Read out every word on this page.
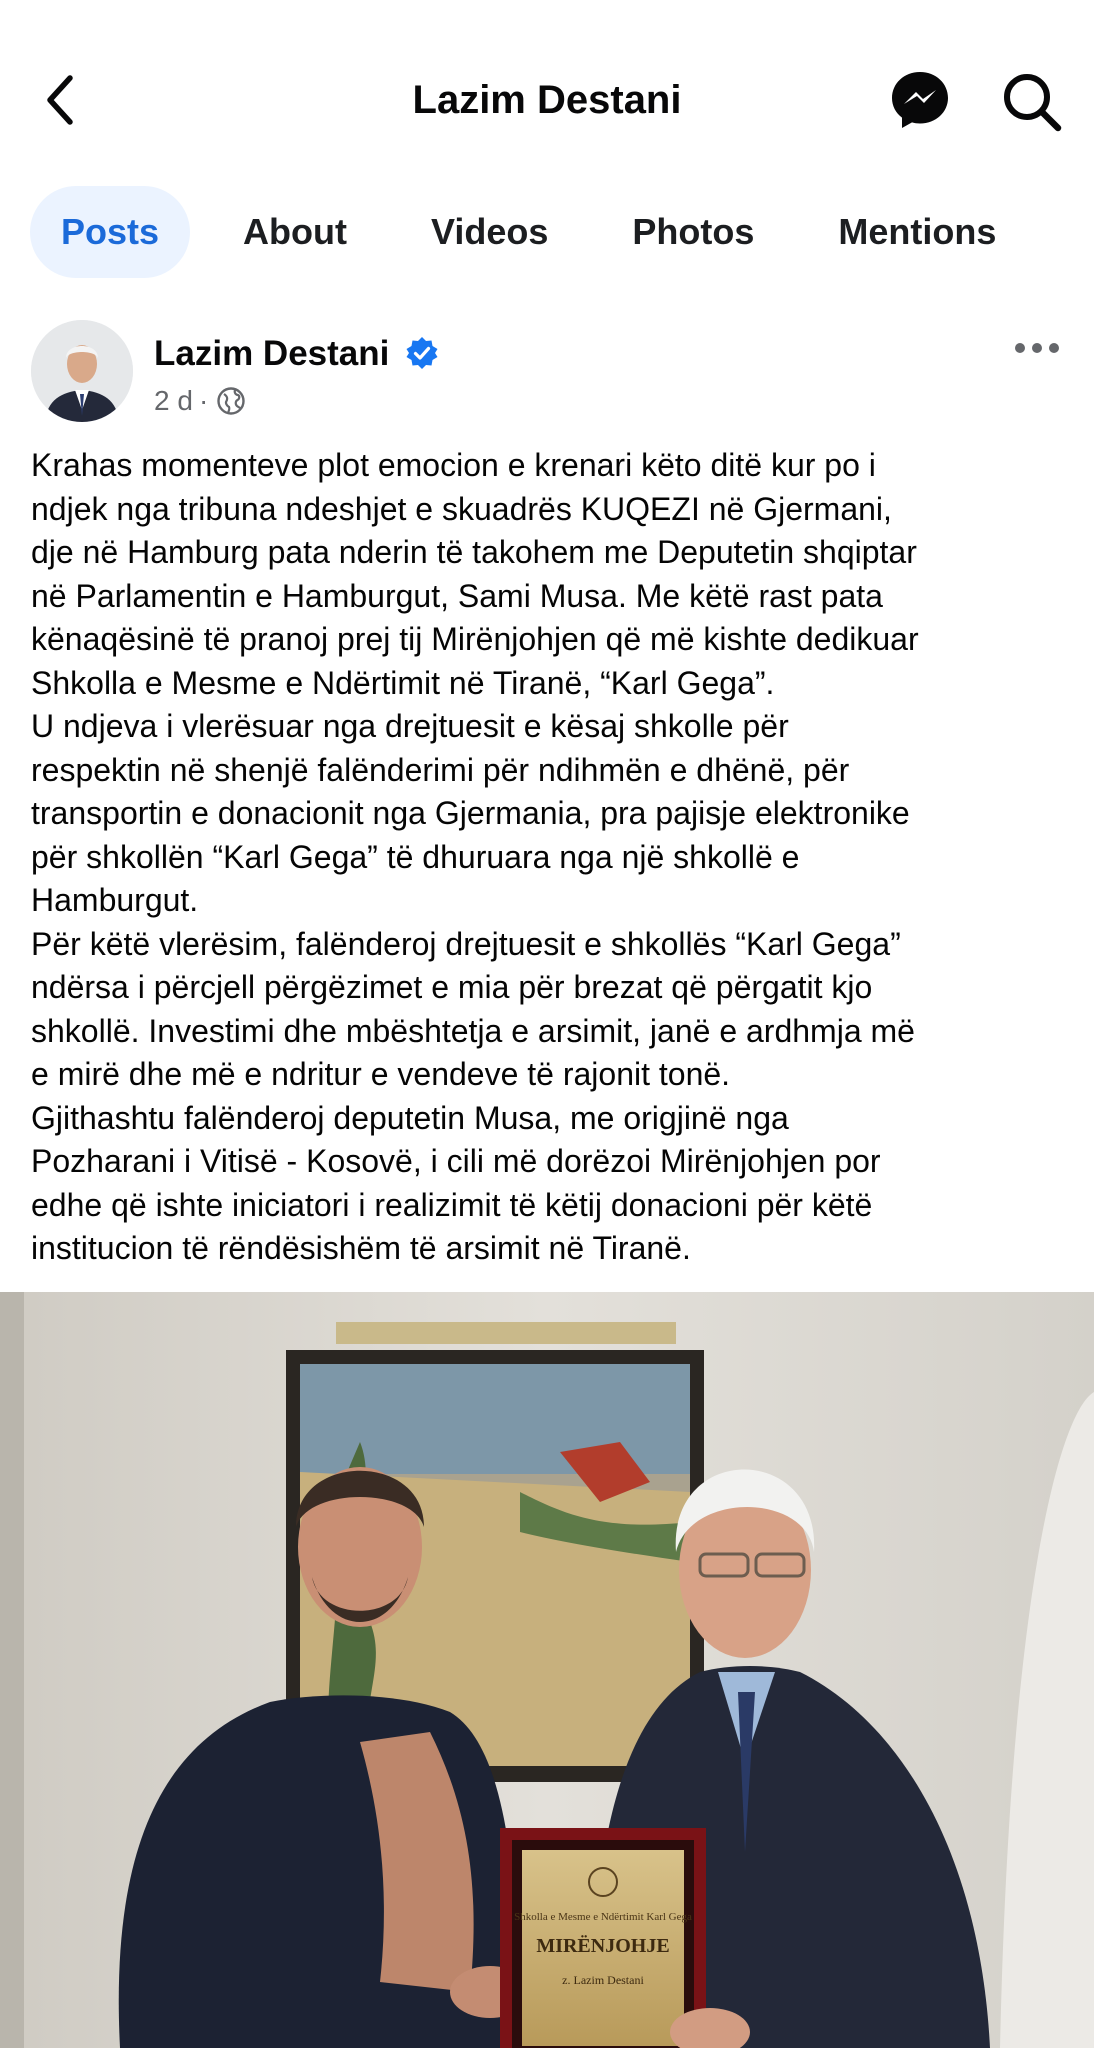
Lazim Destani
Posts	About	Videos	Photos	Mentions
Lazim Destani
2 d ·
Krahas momenteve plot emocion e krenari këto ditë kur po i
ndjek nga tribuna ndeshjet e skuadrës KUQEZI në Gjermani,
dje në Hamburg pata nderin të takohem me Deputetin shqiptar
në Parlamentin e Hamburgut, Sami Musa. Me këtë rast pata
kënaqësinë të pranoj prej tij Mirënjohjen që më kishte dedikuar
Shkolla e Mesme e Ndërtimit në Tiranë, “Karl Gega”.
U ndjeva i vlerësuar nga drejtuesit e kësaj shkolle për
respektin në shenjë falënderimi për ndihmën e dhënë, për
transportin e donacionit nga Gjermania, pra pajisje elektronike
për shkollën “Karl Gega” të dhuruara nga një shkollë e
Hamburgut.
Për këtë vlerësim, falënderoj drejtuesit e shkollës “Karl Gega”
ndërsa i përcjell përgëzimet e mia për brezat që përgatit kjo
shkollë. Investimi dhe mbështetja e arsimit, janë e ardhmja më
e mirë dhe më e ndritur e vendeve të rajonit tonë.
Gjithashtu falënderoj deputetin Musa, me origjinë nga
Pozharani i Vitisë - Kosovë, i cili më dorëzoi Mirënjohjen por
edhe që ishte iniciatori i realizimit të këtij donacioni për këtë
institucion të rëndësishëm të arsimit në Tiranë.
Shkolla e Mesme e Ndërtimit Karl Gega
MIRËNJOHJE
z. Lazim Destani
